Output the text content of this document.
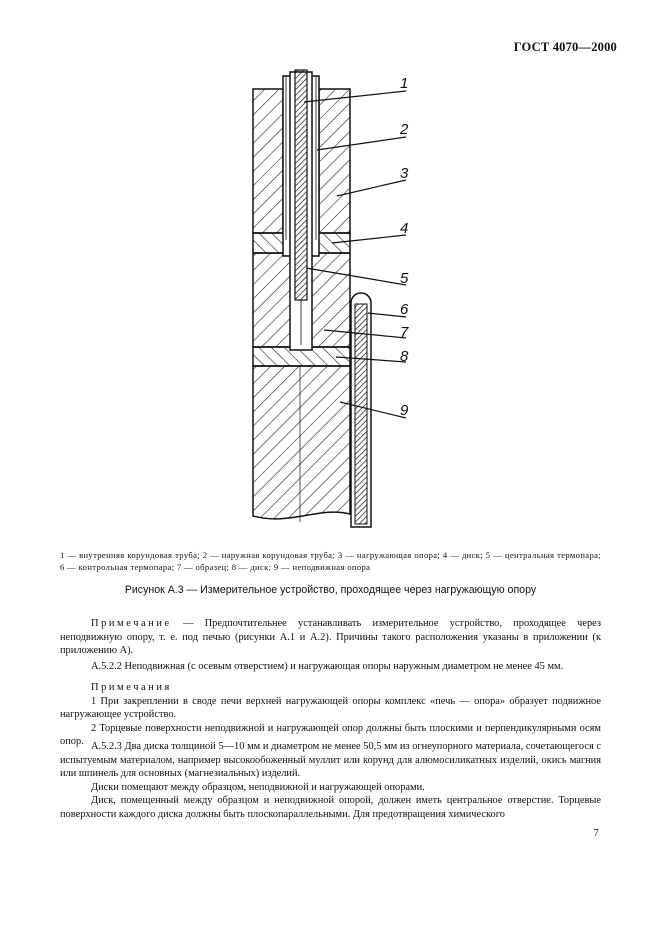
ГОСТ 4070—2000
1
2
3
4
5
6
7
8
9
1 — внутренняя корундовая труба; 2 — наружная корундовая труба; 3 — нагружающая опора; 4 — диск; 5 — центральная термопара; 6 — контрольная термопара; 7 — образец; 8 — диск; 9 — неподвижная опора
Рисунок А.3 — Измерительное устройство, проходящее через нагружающую опору

Примечание — Предпочтительнее устанавливать измерительное устройство, проходящее через неподвижную опору, т. е. под печью (рисунки А.1 и А.2). Причины такого расположения указаны в приложении (к приложению А).

А.5.2.2 Неподвижная (с осевым отверстием) и нагружающая опоры наружным диаметром не менее 45 мм.

Примечания

1 При закреплении в своде печи верхней нагружающей опоры комплекс «печь — опора» образует подвижное нагружающее устройство.

2 Торцевые поверхности неподвижной и нагружающей опор должны быть плоскими и перпендикулярными осям опор. А.5.2.3 Два диска толщиной 5—10 мм и диаметром не менее 50,5 мм из огнеупорного материала, сочетающегося с испытуемым материалом, например высокообоженный муллит или корунд для алюмосиликатных изделий, окись магния или шпинель для основных (магнезиальных) изделий.

Диски помещают между образцом, неподвижной и нагружающей опорами.

Диск, помещенный между образцом и неподвижной опорой, должен иметь центральное отверстие. Торцевые поверхности каждого диска должны быть плоскопараллельными. Для предотвращения химического

7
